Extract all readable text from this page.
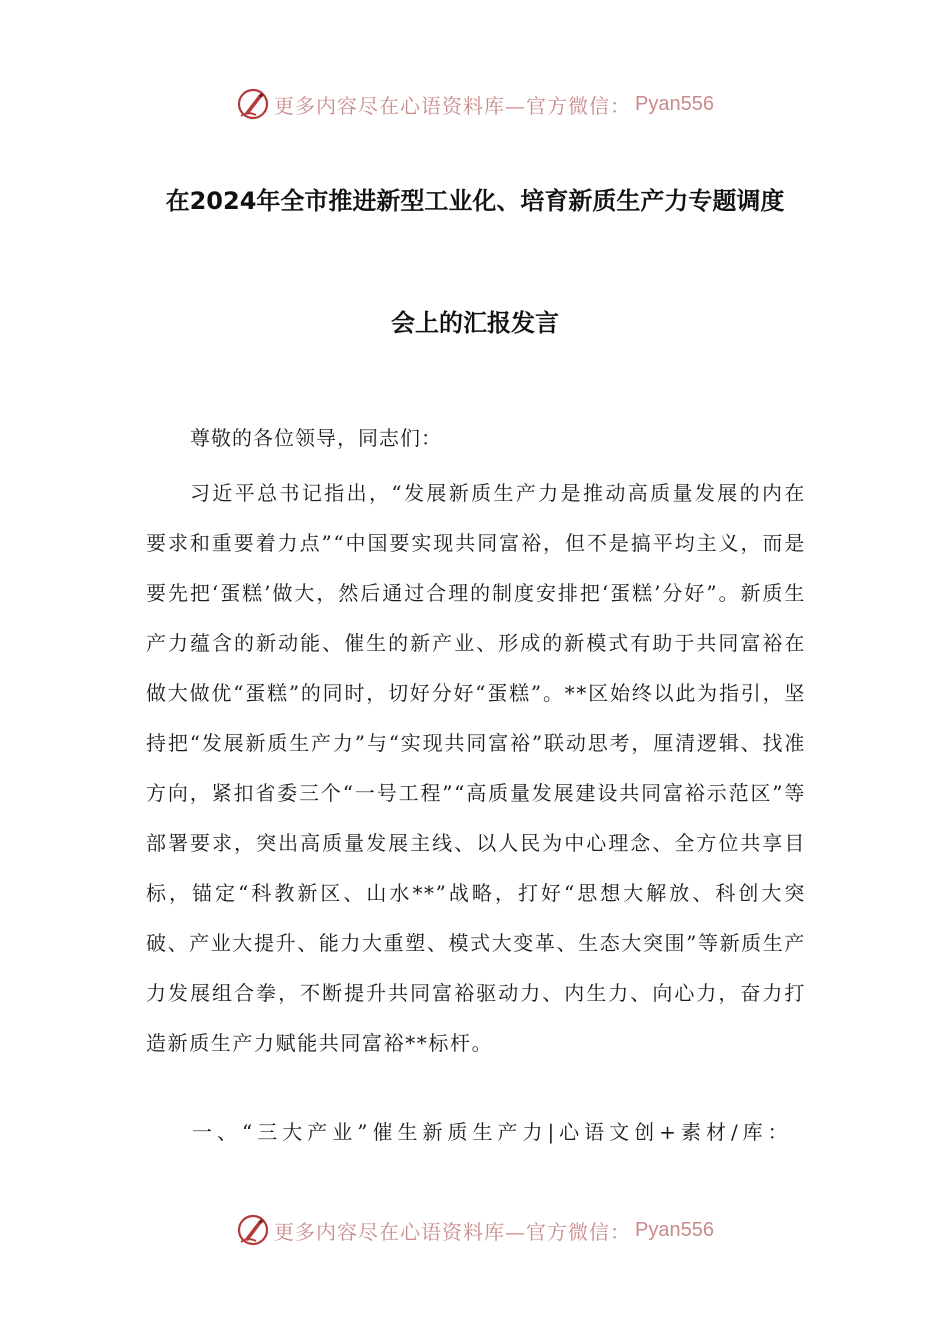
更多内容尽在心语资料库—官方微信： Pyan556
在2024年全市推进新型工业化、培育新质生产力专题调度
会上的汇报发言
尊敬的各位领导，同志们：
习近平总书记指出，“发展新质生产力是推动高质量发展的内在要求和重要着力点”“中国要实现共同富裕，但不是搞平均主义，而是要先把‘蛋糕’做大，然后通过合理的制度安排把‘蛋糕’分好”。新质生产力蕴含的新动能、催生的新产业、形成的新模式有助于共同富裕在做大做优“蛋糕”的同时，切好分好“蛋糕”。**区始终以此为指引，坚持把“发展新质生产力”与“实现共同富裕”联动思考，厘清逻辑、找准方向，紧扣省委三个“一号工程”“高质量发展建设共同富裕示范区”等部署要求，突出高质量发展主线、以人民为中心理念、全方位共享目标，锚定“科教新区、山水**”战略，打好“思想大解放、科创大突破、产业大提升、能力大重塑、模式大变革、生态大突围”等新质生产力发展组合拳，不断提升共同富裕驱动力、内生力、向心力，奋力打造新质生产力赋能共同富裕**标杆。
一、“三大产业”催生新质生产力|心语文创+素材/库：
更多内容尽在心语资料库—官方微信： Pyan556
